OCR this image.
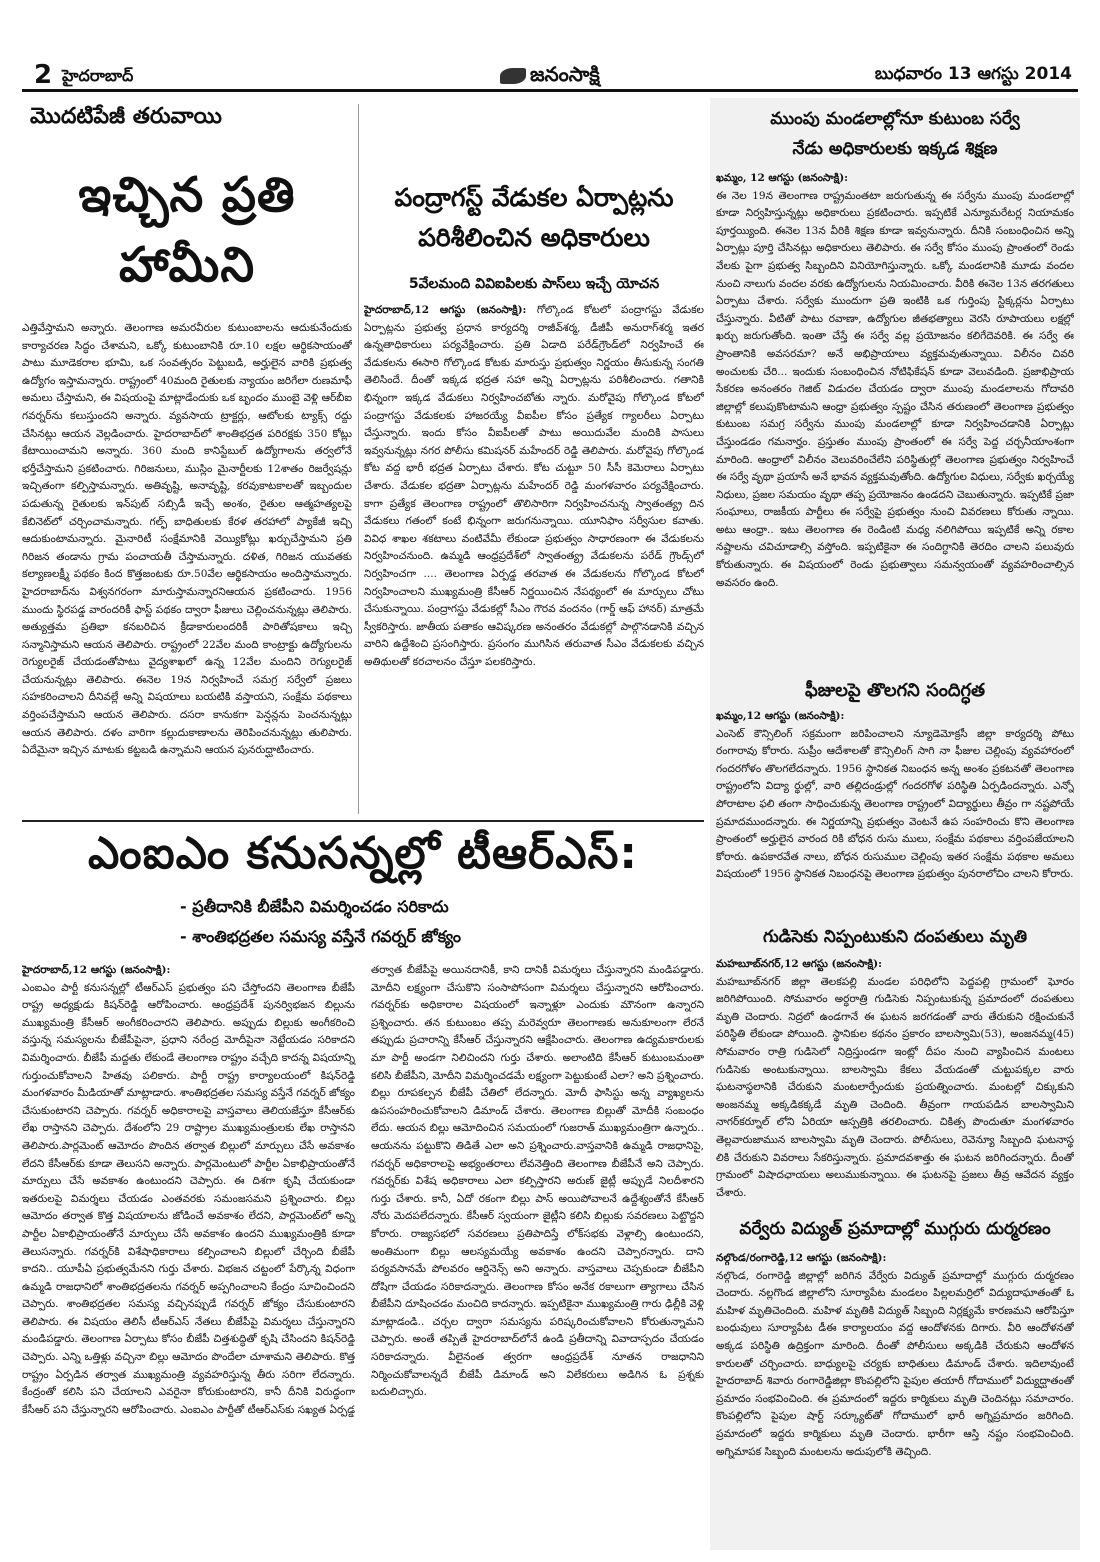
2 హైదరాబాద్	జనంసాక్షి	బుధవారం 13 ఆగస్టు 2014
మొదటిపేజీ తరువాయి
ఇచ్చిన ప్రతి హామీని
ఎత్తివేస్తామని అన్నారు. తెలంగాణ అమరవీరుల కుటుంబాలను ఆదుకునేందుకు కార్యాచరణ సిద్ధం చేశామని, ఒక్కో కుటుంబానికి రూ.10 లక్షల ఆర్థికసాయంతో పాటు మూడెకరాల భూమి, ఒక సంవత్సరం పెట్టుబడి, అర్హులైన వారికి ప్రభుత్వ ఉద్యోగం ఇస్తామన్నారు. రాష్ట్రంలో 40మంది రైతులకు న్యాయం జరిగేలా రుణమాఫీ అమలు చేస్తామని, ఈ విషయంపై మాట్లాడేందుకు ఒక బృందం ముంబై వెళ్లి ఆర్‌బీఐ గవర్నర్‌ను కలుస్తుందని అన్నారు. వ్యవసాయ ట్రాక్టర్లు, ఆటోలకు ట్యాక్స్ రద్దు చేసినట్లు ఆయన వెల్లడించారు. హైదరాబాద్‌లో శాంతిభద్రత పరిరక్షకు 350 కోట్లు కేటాయించామని అన్నారు. 360 మంది కానిస్టేబుల్ ఉద్యోగాలను తర్వలోనే భర్తీచేస్తామని ప్రకటించారు. గిరిజనులు, ముస్లిం మైనార్టీలకు 12శాతం రిజర్వేషన్లు ఇచ్చితంగా కల్పిస్తామన్నారు. అతివృష్టి, అనావృష్టి, కరవుకాటకాలతో ఇబ్బందుల పడుతున్న రైతులకు ఇన్‌పుట్ సబ్సిడీ ఇచ్చే అంశం, రైతుల ఆత్మహత్యలపై కేబినెట్‌లో చర్చించామన్నారు. గల్ఫ్ బాధితులకు కేరళ తరహాలో ప్యాకేజీ ఇచ్చి ఆదుకుంటామన్నారు. మైనారిటీ సంక్షేమానికి వెయ్యికోట్లు ఖర్చుచేస్తామని ప్రతి గిరిజన తండాను గ్రామ పంచాయతీ చేస్తామన్నారు. దళిత, గిరిజన యువతకు కల్యాణలక్ష్మీ పథకం కింద కొత్తజంటకు రూ.50వేల ఆర్థికసాయం అందిస్తామన్నారు. హైదరాబాద్‌ను విశ్వనగరంగా మారుస్తామన్నారనిఆయన ప్రకటించారు. 1956 ముందు స్థిరపడ్డ వారందరికీ ఫాస్ట్ పథకం ద్వారా ఫీజులు చెల్లించనున్నట్లు తెలిపారు. అత్యుత్తమ ప్రతిభా కనబరిచిన క్రీడాకారులందరికీ పారితోషకాలు ఇచ్చి సన్మానిస్తామని ఆయన తెలిపారు. రాష్ట్రంలో 22వేల మంది కాంట్రాక్టు ఉద్యోగులను రెగ్యులరైజ్ చేయడంతోపాటు వైద్యశాఖలో ఉన్న 12వేల మందిని రెగ్యులరైజ్ చేయనున్నట్లు తెలిపారు. ఈనెల 19న నిర్వహించే సమగ్ర సర్వేలో ప్రజలు సహకరించాలని దీనివల్లే అన్ని విషయాలు బయటికి వస్తాయని, సంక్షేమ పథకాలు వర్తింపచేస్తామని ఆయన తెలిపారు. దసరా కానుకగా పెన్షన్లను పెంచనున్నట్లు ఆయన తెలిపారు. దళం వారిగా కల్లుదుకాణాలను తెరిపించనున్నట్లు తులిపారు. ఏదేమైనా ఇచ్చిన మాటకు కట్టబడి ఉన్నామని ఆయన పునరుద్ఘాటించారు.
పంద్రాగస్ట్ వేడుకల ఏర్పాట్లను
పరిశీలించిన అధికారులు
5వేలమంది వివిఐపిలకు పాస్‌లు ఇచ్చే యోచన
హైదరాబాద్,12 ఆగస్టు (జనంసాక్షి): గోల్కొండ కోటలో పంద్రాగస్టు వేడుకల ఏర్పాట్లను ప్రభుత్వ ప్రధాన కార్యదర్శి రాజీవ్‌శర్మ, డీజీపీ అనురాగ్‌శర్మ ఇతర ఉన్నతాధికారులు పర్యవేక్షించారు. ప్రతి ఏడాది పరేడ్‌గ్రౌండ్‌లో నిర్వహించే ఈ వేడుకలను ఈసారి గోల్కొండ కోటకు మారుస్తు ప్రభుత్వం నిర్ణయం తీసుకున్న సంగతి తెలిసిందే. దీంతో ఇక్కడ భద్రత సహా అన్ని ఏర్పాట్లను పరిశీలించారు. గతానికి భిన్నంగా ఇక్కడ వేడుకలు నిర్వహించబోతు న్నారు. మరోవైపు గోల్కొండ కోటలో పంద్రాగస్టు వేడుకలకు హాజరయ్యే వీఐపీల కోసం ప్రత్యేక గ్యాలరీలు ఏర్పాటు చేస్తున్నారు. ఇందు కోసం వీఐపీలతో పాటు అయిదువేల మందికి పాసులు ఇవ్వనున్నట్లు నగర పోలీసు కమిషనర్ మహేందర్ రెడ్డి తెలిపారు. మరోవైపు గోల్కొండ కోట వద్ద భారీ భద్రత ఏర్పాటు చేశారు. కోట చుట్టూ 50 సీసీ కెమెరాలు ఏర్పాటు చేశారు. వేడుకల భద్రతా ఏర్పాట్లను మహేందర్ రెడ్డి మంగళవారం పర్యవేక్షించారు. కాగా ప్రత్యేక తెలంగాణ రాష్ట్రంలో తొలిసారిగా నిర్వహించనున్న స్వాతంత్య్ర దిన వేడుకలు గతంలో కంటే భిన్నంగా జరుగనున్నాయి. యూనిఫాం సర్వీసుల కవాతు. వివిధ శాఖల శకటాలు వంటివేమీ లేకుండా ప్రభుత్వం సాధారణంగా ఈ వేడుకలను నిర్వహించనుంది. ఉమ్మడి ఆంధ్రప్రదేశ్‌లో స్వాతంత్య్ర వేడుకలను పరేడ్ గ్రౌండ్స్‌లో నిర్వహించగా .... తెలంగాణ ఏర్పడ్డ తరవాత ఈ వేడుకలను గోల్కొండ కోటలో నిర్వహించాలని ముఖ్యమంత్రి కేసీఆర్ నిర్ణయించిన నేపథ్యంలో ఈ మార్పులు చోటు చేసుకున్నాయి. పంద్రాగస్టు వేడుకల్లో సీఎం గౌరవ వందనం (గార్డ్ ఆఫ్ హానర్) మాత్రమే స్వీకరిస్తారు. జాతీయ పతాకం ఆవిష్కరణ అనంతరం వేడుకల్లో పాల్గొనడానికి వచ్చిన వారిని ఉద్దేశించి ప్రసంగిస్తారు. ప్రసంగం ముగిసిన తరువాత సీఎం వేడుకలకు వచ్చిన అతిథులతో కరచాలనం చేస్తూ పలకరిస్తారు.
ఎంఐఎం కనుసన్నల్లో టీఆర్ఎస్:
- ప్రతీదానికి బీజేపీని విమర్శించడం సరికాదు
- శాంతిభద్రతల సమస్య వస్తేనే గవర్నర్ జోక్యం
హైదరాబాద్,12 ఆగస్టు (జనంసాక్షి):
ఎంఐఎం పార్టీ కనుసన్నల్లో టీఆర్ఎస్ ప్రభుత్వం పని చేస్తోందని తెలంగాణ బీజేపీ రాష్ట్ర అధ్యక్షుడు కిషన్‌రెడ్డి ఆరోపించారు. ఆంధ్రప్రదేశ్ పునర్విభజన బిల్లును ముఖ్యమంత్రి కేసీఆర్ అంగీకరించారని తెలిపారు. అప్పుడు బిల్లుకు అంగీకరించి వస్తున్న సమస్యలను బీజేపీపైనా, ప్రధాని నరేంద్ర మోదీపైనా నెట్టేయడం సరికాదని విమర్శించారు. బీజేపీ మద్దతు లేకుండే తెలంగాణ రాష్ట్రం వచ్చేది కాదన్న విషయాన్ని గుర్తుంచుకోవాలని హితవు పలికారు. పార్టీ రాష్ట్ర కార్యాలయంలో కిషన్‌రెడ్డి మంగళవారం మీడియాతో మాట్లాడారు. శాంతిభద్రతల సమస్య వస్తేనే గవర్నర్ జోక్యం చేసుకుంటారని చెప్పారు. గవర్నర్ అధికారాలపై వాస్తవాలు తెలియజేస్తూ కేసీఆర్‌కు లేఖ రాస్తానని చెప్పారు. దేశంలోని 29 రాష్ట్రాల ముఖ్యమంత్రులకు లేఖ రాస్తానని తెలిపారు.పార్లమెంట్ ఆమోదం పొందిన తర్వాత బిల్లులో మార్పులు చేసే అవకాశం లేదని కేసీఆర్‌కు కూడా తెలుసని అన్నారు. పార్లమెంటులో పార్టీల ఏకాభిప్రాయంతోనే మార్పులు చేసే అవకాశం ఉంటుందని చెప్పారు. ఈ దిశగా కృషి చేయకుండా ఇతరులపై విమర్శలు చేయడం ఎంతవరకు సమంజసమని ప్రశ్నించారు. బిల్లు ఆమోదం తర్వాత కొత్త విషయాలను జోడించే అవకాశం లేదని, పార్లమెంట్‌లో అన్ని పార్టీల ఏకాభిప్రాయంతోనే మార్పులు చేసే అవకాశం ఉందని ముఖ్యమంత్రికి కూడా తెలుసన్నారు. గవర్నర్‌కి విశేషాధికారాలు కల్పించాలని బిల్లులో చేర్చింది బీజేపీ కాదని.. యూపీఏ ప్రభుత్వమేనని గుర్తు చేశారు. విభజన చట్టంలో పేర్కొన్న విధంగా ఉమ్మడి రాజధానిలో శాంతిభద్రతలను గవర్నర్ అప్పగించాలని కేంద్రం సూచించిందని చెప్పారు. శాంతిభద్రతల సమస్య వచ్చినప్పుడే గవర్నర్ జోక్యం చేసుకుంటారని తెలిపారు. ఈ విషయం తెలిసీ టీఆర్ఎస్ నేతలు బీజేపీపై విమర్శలు చేస్తున్నారని మండిపడ్డారు. తెలంగాణ ఏర్పాటు కోసం బీజేపీ చిత్తశుద్ధితో కృషి చేసిందని కిషన్‌రెడ్డి చెప్పారు. ఎన్ని ఒత్తిళ్లు వచ్చినా బిల్లు ఆమోదం పొందేలా చూశామని తెలిపారు. కొత్త రాష్ట్రం ఏర్పడిన తర్వాత ముఖ్యమంత్రి వ్యవహరిస్తున్న తీరు సరిగా లేదన్నారు. కేంద్రంతో కలిసి పని చేయాలని ఎవరైనా కోరుకుంటారని, కానీ దీనికి విరుద్ధంగా కేసీఆర్ పని చేస్తున్నారని ఆరోపించారు. ఎంఐఎం పార్టీతో టీఆర్ఎస్‌కు సఖ్యత ఏర్పడ్డ తర్వాత బీజేపీపై అయినదానికీ, కాని దానికీ విమర్శలు చేస్తున్నారని మండిపడ్డారు. మోదీని లక్ష్యంగా చేసుకొని సంసాపోసంగా విమర్శలు చేస్తున్నారని ఆరోపించారు. గవర్నర్‌కు అధికారాల విషయంలో ఇన్నాళ్లూ ఎందుకు మౌనంగా ఉన్నారని ప్రశ్నించారు. తన కుటుంబం తప్ప మరెవ్వరూ తెలంగాణకు అనుకూలంగా లేరనే తప్పుడు ప్రచారాన్ని కేసీఆర్ చేస్తున్నారని ఆక్షేపించారు. తెలంగాణ ఉద్యమకారులకు మా పార్టీ అండగా నిలిచిందని గుర్తు చేశారు. అలాంటిది కేసీఆర్ కుటుంబమంతా కలిసి బీజేపీని, మోదీని విమర్శించడమే లక్ష్యంగా పెట్టుకుంటే ఎలా? అని ప్రశ్నించారు. బిల్లు రూపకల్పన బీజేపీ చేతిలో లేదన్నారు. మోదీ ఫాసిస్టు అన్న వ్యాఖ్యలను ఉపసంహరించుకోవాలని డిమాండ్ చేశారు. తెలంగాణ బిల్లుతో మోదీకి సంబంధం లేదు. ఆయన బిల్లు ఆమోదించిన సమయంలో గుజరాత్ ముఖ్యమంత్రిగా ఉన్నారు.. ఆయనను పట్టుకొని తిడితే ఎలా అని ప్రశ్నించారు.వాస్తవానికి ఉమ్మడి రాజధానిపై, గవర్నర్ అధికారాలపై అభ్యంతరాలు లేవనెత్తింది తెలంగాణ బీజేపీనే అని చెప్పారు. గవర్నర్‌కు విశేష అధికారాలు ఎలా కల్పిస్తారని అరుణ్ జైట్లీ అప్పుడే నిలదీశారని గుర్తు చేశారు. కానీ, ఏదో రకంగా బిల్లు పాస్ అయిపోవాలనే ఉద్దేశ్యంతోనే కేసీఆర్ నోరు మెదపలేదన్నారు. కేసీఆర్ స్వయంగా జైట్లీని కలిసి బిల్లుకు సవరణలు పెట్టొద్దని కోరారు. రాజ్యసభలో సవరణలు ప్రతిపాదిస్తే లోక్‌సభకు వెళ్లాల్సి ఉంటుందని, అంతిమంగా బిల్లు ఆలస్యమయ్యే అవకాశం ఉందని చెప్పారన్నారు. దాని పర్యవసానమే పోలవరం ఆర్డినెన్స్ అని అన్నారు. వాస్తవాలు చెప్పకుండా బీజేపీని దోషిగా చేయడం సరికాదన్నారు. తెలంగాణ కోసం అనేక రకాలుగా త్యాగాలు చేసిన బీజేపీని దూషించడం మంచిది కాదన్నారు. ఇప్పటికైనా ముఖ్యమంత్రి గారు ఢిల్లీకి వెళ్లి మాట్లాడండి.. చర్చల ద్వారా సమస్యను పరిష్కరించుకోవాలని కోరుతున్నామని చెప్పారు. అంతే తప్పితే హైదరాబాద్‌లోనే ఉండి ప్రతీదాన్ని వివాదాస్పదం చేయడం సరికాదన్నారు. వీలైనంత త్వరగా ఆంధ్రప్రదేశ్ నూతన రాజధానిని నిర్మించుకోవాలన్నదే బీజేపీ డిమాండ్ అని విలేకరులు అడిగిన ఓ ప్రశ్నకు బదులిచ్చారు.
ముంపు మండలాల్లోనూ కుటుంబ సర్వే
నేడు అధికారులకు ఇక్కడ శిక్షణ
ఖమ్మం, 12 ఆగస్టు (జనంసాక్షి):
ఈ నెల 19న తెలంగాణ రాష్ట్రమంతటా జరుగుతున్న ఈ సర్వేను ముంపు మండలాల్లో కూడా నిర్వహిస్తున్నట్లు అధికారులు ప్రకటించారు. ఇప్పటికే ఎన్యూమరేటర్ల నియామకం పూర్తయ్యింది. ఈనెల 13న వీరికి శిక్షణ కూడా ఇవ్వనున్నారు. దీనికి సంబంధించిన అన్ని ఏర్పాట్లు పూర్తి చేసినట్లు అధికారులు తెలిపారు. ఈ సర్వే కోసం ముంపు ప్రాంతంలో రెండు వేలకు పైగా ప్రభుత్వ సిబ్బందిని వినియోగిస్తున్నారు. ఒక్కో మండలానికి మూడు వందల నుంచి నాలుగు వందల వరకు ఉద్యోగులను నియమించారు. వీరికి ఈనెల 13న తరగతులు ఏర్పాటు చేశారు. సర్వేకు ముందుగా ప్రతి ఇంటికి ఒక గుర్తింపు స్టిక్కర్లను ఏర్పాటు చేస్తున్నారు. వీటితో పాటు రవాణా, ఉద్యోగుల జీతభత్యాలు వెరసి రూపాయలు లక్షల్లో ఖర్చు జరుగుతోంది. ఇంతా చేస్తే ఈ సర్వే వల్ల ప్రయోజనం కలిగేదెవరికి. ఈ సర్వే ఈ ప్రాంతానికి అవసరమా? అనే అభిప్రాయాలు వ్యక్తమవుతున్నాయి. విలీనం చివరి అంచులకు చేరి... ఇందుకు సంబంధించిన నోటిఫికేషన్ కూడా వెలువడింది. ప్రజాభిప్రాయ సేకరణ అనంతరం గెజిట్ విడుదల చేయడం ద్వారా ముంపు మండలాలను గోదావరి జిల్లాల్లో కలుపుకొంటామని ఆంధ్రా ప్రభుత్వం స్పష్టం చేసిన తరుణంలో తెలంగాణ ప్రభుత్వం కుటుంబ సమగ్ర సర్వేను ముంపు మండలాల్లో కూడా నిర్వహించడానికి ఏర్పాట్లు చేస్తుండడం గమనార్హం. ప్రస్తుతం ముంపు ప్రాంతంలో ఈ సర్వే పెద్ద చర్చనీయాంశంగా మారింది. ఆంధ్రాలో విలీనం వెలువరించేలేని పరిస్థితుల్లో తెలంగాణ ప్రభుత్వం నిర్వహించే ఈ సర్వే వృథా ప్రయాసే అనే భావన వ్యక్తమవుతోంది. ఉద్యోగుల విధులు, సర్వేకు ఖర్చయ్యే నిధులు, ప్రజల సమయం వృథా తప్ప ప్రయోజనం ఉండదని చెబుతున్నారు. ఇప్పటికే ప్రజా సంఘాలు, రాజకీయ పార్టీలు ఈ సర్వేపై ప్రభుత్వం నుంచి వివరణలు కోరుతు న్నాయి. అటు ఆంధ్రా.. ఇటు తెలంగాణ ఈ రెండింటి మధ్య నలిగిపోయి ఇప్పటికే అన్ని రకాల నష్టాలను చవిచూడాల్సి వస్తోంది. ఇప్పటికైనా ఈ సందిగ్ధానికి తెరదిం చాలని పలువురు కోరుతున్నారు. ఈ విషయంలో రెండు ప్రభుత్వాలు సమన్వయంతో వ్యవహరించాల్సిన అవసరం ఉంది.
ఫీజులపై తొలగని సందిగ్ధత
ఖమ్మం,12 ఆగస్టు (జనంసాక్షి):
ఎంసెట్ కౌన్సిలింగ్ సక్రమంగా జరిపించాలని న్యూడెమోక్రసీ జిల్లా కార్యదర్శి పోటు రంగారావు కోరారు. సుప్రీం ఆదేశాలతో కౌన్సిలింగ్ సాగి నా ఫీజుల చెల్లింపు వ్యవహారంలో గందరగోళం తొలగలేదన్నారు. 1956 స్థానికత నిబంధన అన్న అంశం ప్రకటనతో తెలంగాణ రాష్ట్రంలోని విద్యా ర్థుల్లో, వారి తల్లిదండ్రుల్లో గందరగోళ పరిస్థితి ఏర్పడిందన్నారు. ఎన్నో పోరాటాల ఫలి తంగా సాధించుకున్న తెలంగాణ రాష్ట్రంలో విద్యార్థులు తీవ్రం గా నష్టపోయే ప్రమాదముందన్నారు. ఈ నిర్ణయాన్ని ప్రభుత్వం వెంటనే ఉప సంహరించు కొని తెలంగాణ ప్రాంతంలో అర్హులైన వారంద రికి బోధన రుసు ములు, సంక్షేమ పథకాలు వర్తింపజేయాలని కోరారు. ఉపకారవేత నాలు, బోధన రుసుముల చెల్లింపు ఇతర సంక్షేమ పథకాల అమలు విషయంలో 1956 స్థానికత నిబంధనపై తెలంగాణ ప్రభుత్వం పునరాలోచిం చాలని కోరారు.
గుడిసెకు నిప్పంటుకుని దంపతులు మృతి
మహబూబ్‌నగర్,12 ఆగస్టు (జనంసాక్షి):
మహబూబ్‌నగర్ జిల్లా తెలకపల్లి మండల పరిధిలోని పెద్దపల్లి గ్రామంలో ఘోరం జరిగిపోయింది. సోమవారం అర్ధరాత్రి గుడిసెకు నిప్పంటుకున్న ప్రమాదంలో దంపతులు మృతి చెందారు. నిద్రలో ఉండగానే ఈ ఘటన జరగడంతో వారు తేరుకుని రక్షించుకునే పరిస్థితి లేకుండా పోయింది. స్థానికుల కథనం ప్రకారం బాలస్వామి(53), అంజనమ్మ(45) సోమవారం రాత్రి గుడిసెలో నిద్రిస్తుండగా ఇంట్లో దీపం నుంచి వ్యాపించిన మంటలు గుడిసెకు అంటుకున్నాయి. బాలస్వామి కేకలు వేయడంతో చుట్టుపక్కల వారు ఘటనాస్థలానికి చేరుకుని మంటలార్పేందుకు ప్రయత్నించారు. మంటల్లో చిక్కుకుని అంజనమ్మ అక్కడికక్కడే మృతి చెందింది. తీవ్రంగా గాయపడిన బాలస్వామిని నాగర్‌కర్నూల్ లోని ఏరియా ఆస్పత్రికి తరలించారు. చికిత్స పొందుతూ మంగళవారం తెల్లవారుజామున బాలస్వామి మృతి చెందారు. పోలీసులు, రెవెన్యూ సిబ్బంది ఘటనాస్థ లికి చేరుకుని వివరాలు సేకరిస్తున్నారు. ప్రమాదవశాత్తు ఈ ఘటన జరిగిందన్నారు. దీంతో గ్రామంలో విషాదఛాయలు అలుముకున్నాయి. ఈ ఘటనపై ప్రజలు తీవ్ర ఆవేదన వ్యక్తం చేశారు.
వర్వేరు విద్యుత్ ప్రమాదాల్లో ముగ్గురు దుర్మరణం
నల్గొండ/రంగారెడ్డి,12 ఆగస్టు (జనంసాక్షి):
నల్గొండ, రంగారెడ్డి జిల్లాల్లో జరిగిన వేర్వేరు విద్యుత్ ప్రమాదాల్లో ముగ్గురు దుర్మరణం చెందారు. నల్లగొండ జిల్లాలోని సూర్యాపేట మండలం పిల్లలమర్రిలో విద్యుదాఘాతంతో ఓ మహిళ మృతిచెందింది. మహిళ మృతికి విద్యుత్ సిబ్బంది నిర్లక్ష్యమే కారణమని ఆరోపిస్తూ బంధువులు సూర్యాపేట డీఈ కార్యాలయం వద్ద ఆందోళనకు దిగారు. వీరి ఆందోళనతో అక్కడ పరిస్థితి ఉద్రిక్తంగా మారింది. దీంతో పోలీసులు అక్కడికి చేరుకుని ఆందోళన కారులతో చర్చించారు. బాధ్యులపై చర్యకు బాధితులు డిమాండ్ చేశారు. ఇదిలావుంటే హైదరాబాద్ శివారు రంగారెడ్డిజిల్లా కొంపల్లిలోని పైపుల తయారీ గోదాములో విద్యుద్ఘాతంతో ప్రమాదం సంభవించింది. ఈ ప్రమాదంలో ఇద్దరు కార్మికులు మృతి చెందినట్లు సమాచారం. కొంపల్లిలోని పైపుల షార్ట్ సర్క్యూట్‌తో గోదాములో భారీ అగ్నిప్రమాదం జరిగింది. ప్రమాదంలో ఇద్దరు కార్మికులు మృతి చెందారు. భారీగా ఆస్తి నష్టం సంభవించింది. అగ్నిమాపక సిబ్బంది మంటలను అదుపులోకి తెచ్చింది.
